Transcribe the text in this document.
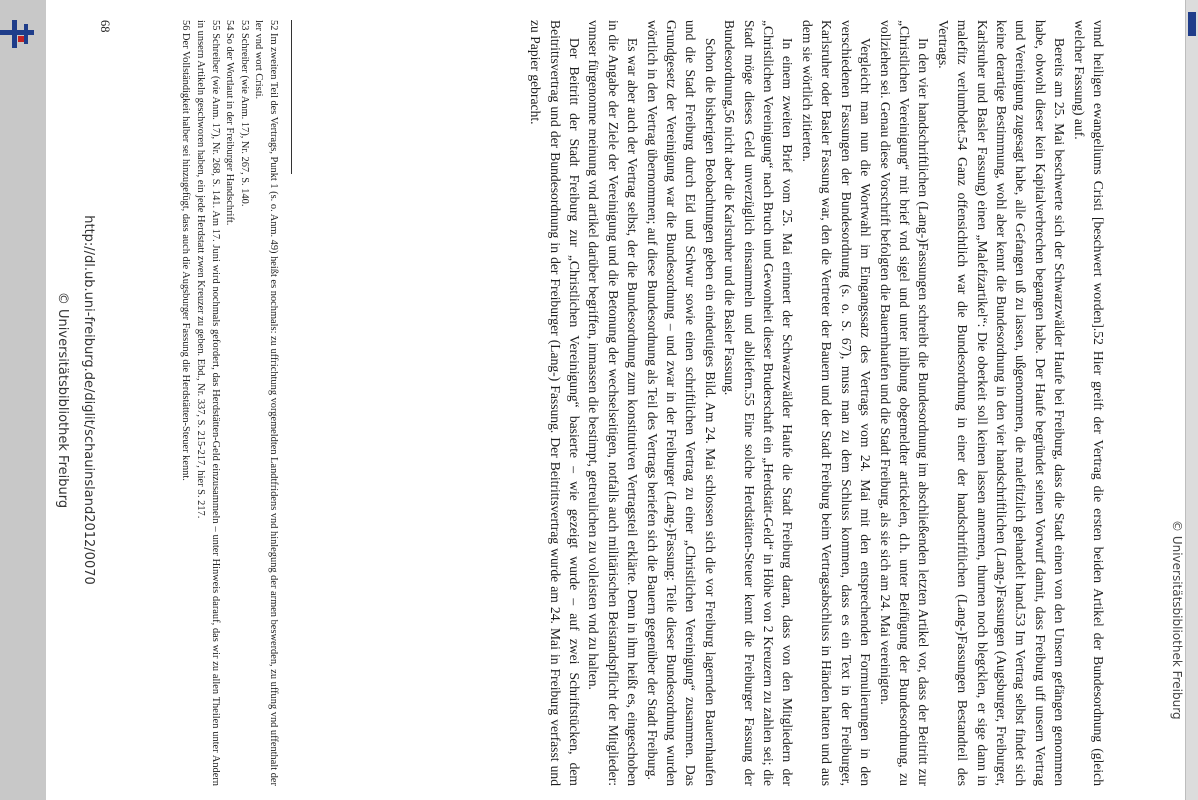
© Universitätsbibliothek Freiburg

vnnd heiligen ewangeliums Cristi [beschwert worden].52 Hier greift der Vertrag die ersten beiden Artikel der Bundesordnung (gleich welcher Fassung) auf.

Bereits am 25. Mai beschwerte sich der Schwarzwälder Haufe bei Freiburg, dass die Stadt einen von den Unsern gefängen genommen habe, obwohl dieser kein Kapitalverbrechen begangen habe. Der Haufe begründet seinen Vorwurf damit, dass Freiburg uff unsern Vertrag und Vereinigung zugesagt habe, alle Gefangen uß zu lassen, ußgenommen, die malefitzlich gehandelt hand.53 Im Vertrag selbst findet sich keine derartige Bestimmung, wohl aber kennt die Bundesordnung in den vier handschriftlichen (Lang-)Fassungen (Augsburger, Freiburger, Karlsruher und Basler Fassung) einen „Malefizartikel“: Die oberkeit soll keinen lassen annemen, thurnen noch blegcklen, er sige dann in malefitz verlumbdet.54 Ganz offensichtlich war die Bundesordnung in einer der handschriftlichen (Lang-)Fassungen Bestandteil des Vertrags.

In den vier handschriftlichen (Lang-)Fassungen schreibt die Bundesordnung im abschließenden letzten Artikel vor, dass der Beitritt zur „Christlichen Vereinigung“ mit brief vnd sigel und unter inlibung obgemeldter artickelen, d.h. unter Beifügung der Bundesordnung, zu vollziehen sei. Genau diese Vorschrift befolgten die Bauernhaufen und die Stadt Freiburg, als sie sich am 24. Mai vereinigten.

Vergleicht man nun die Wortwahl im Eingangssatz des Vertrags vom 24. Mai mit den entsprechenden Formulierungen in den verschiedenen Fassungen der Bundesordnung (s. o. S. 67), muss man zu dem Schluss kommen, dass es ein Text in der Freiburger, Karlsruher oder Basler Fassung war, den die Vertreter der Bauern und der Stadt Freiburg beim Vertragsabschluss in Händen hatten und aus dem sie wörtlich zitierten.

In einem zweiten Brief vom 25. Mai erinnert der Schwarzwälder Haufe die Stadt Freiburg daran, dass von den Mitgliedern der „Christlichen Vereinigung“ nach Bruch und Gewonheit dieser Bruderschaft ein „Herdstätt-Geld“ in Höhe von 2 Kreuzern zu zahlen sei; die Stadt möge dieses Geld unverzüglich einsammeln und abliefern.55 Eine solche Herdstätten-Steuer kennt die Freiburger Fassung der Bundesordnung,56 nicht aber die Karlsruher und die Basler Fassung.

Schon die bisherigen Beobachtungen geben ein eindeutiges Bild. Am 24. Mai schlossen sich die vor Freiburg lagernden Bauernhaufen und die Stadt Freiburg durch Eid und Schwur sowie einen schriftlichen Vertrag zu einer „Christlichen Vereinigung“ zusammen. Das Grundgesetz der Vereinigung war die Bundesordnung – und zwar in der Freiburger (Lang-)Fassung: Teile dieser Bundesordnung wurden wörtlich in den Vertrag übernommen; auf diese Bundesordnung als Teil des Vertrags beriefen sich die Bauern gegenüber der Stadt Freiburg.

Es war aber auch der Vertrag selbst, der die Bundesordnung zum konstitutiven Vertragsteil erklärte. Denn in ihm heißt es, eingeschoben in die Angabe der Ziele der Vereinigung und die Betonung der wechselseitigen, notfalls auch militärischen Beistandspflicht der Mitglieder: vnnser fürgenomne meinung vnd artikel darüber begriffen, inmassen die bestimpt, getreulichen zu volleisten vnd zu halten.

Der Beitritt der Stadt Freiburg zur „Christlichen Vereinigung“ basierte – wie gezeigt wurde – auf zwei Schriftstücken, dem Beitrittsvertrag und der Bundesordnung in der Freiburger (Lang-) Fassung. Der Beitrittsvertrag wurde am 24. Mai in Freiburg verfasst und zu Papier gebracht.

52 Im zweiten Teil des Vertrags, Punkt 1 (s. o. Anm. 49) heißt es nochmals: zu uffrichtung vorgemeldten Landtfridens vnd hinlegung der armen beswerden, zu uffung vnd uffenthalt der ler vnd wort Cristi.

53 Schreiber (wie Anm. 17), Nr. 267, S. 140.

54 So der Wortlaut in der Freiburger Handschrift.

55 Schreiber (wie Anm. 17), Nr. 268, S. 141. Am 17. Juni wird nochmals gefordert, das Herdstätten-Geld einzusammeln – unter Hinweis darauf, das wir zu allen Theilen unter Andern in unsern Artikeln geschworen haben, ein jede Herdstatt zwen Kreuzer zu geben. Ebd., Nr. 337, S. 215-217, hier S. 217.

56 Der Vollständigkeit halber sei hinzugefügt, dass auch die Augsburger Fassung die Herdstätten-Steuer kennt.

68
http://dl.ub.uni-freiburg.de/diglit/schauinsland2012/0070
© Universitätsbibliothek Freiburg
